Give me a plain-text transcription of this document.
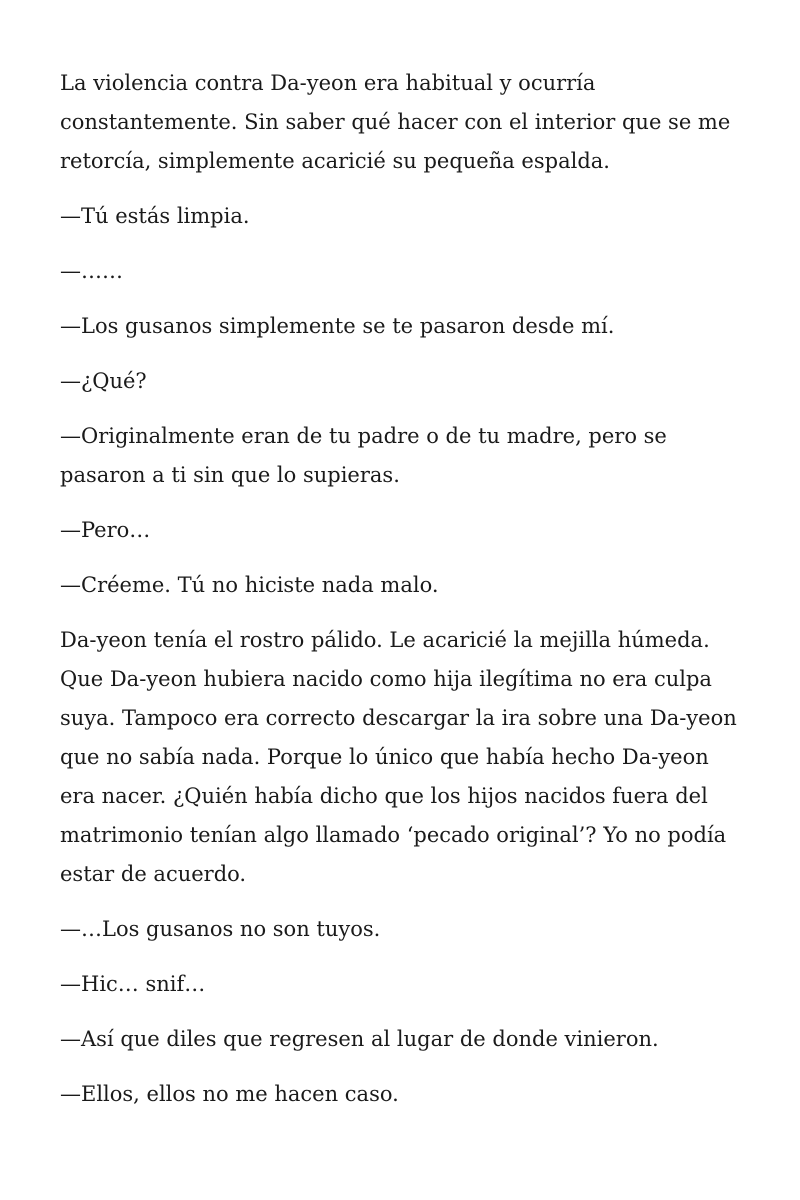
La violencia contra Da-yeon era habitual y ocurría constantemente. Sin saber qué hacer con el interior que se me retorcía, simplemente acaricié su pequeña espalda.

—Tú estás limpia.

—……

—Los gusanos simplemente se te pasaron desde mí.

—¿Qué?

—Originalmente eran de tu padre o de tu madre, pero se pasaron a ti sin que lo supieras.

—Pero…

—Créeme. Tú no hiciste nada malo.

Da-yeon tenía el rostro pálido. Le acaricié la mejilla húmeda. Que Da-yeon hubiera nacido como hija ilegítima no era culpa suya. Tampoco era correcto descargar la ira sobre una Da-yeon que no sabía nada. Porque lo único que había hecho Da-yeon era nacer. ¿Quién había dicho que los hijos nacidos fuera del matrimonio tenían algo llamado ‘pecado original’? Yo no podía estar de acuerdo.

—…Los gusanos no son tuyos.

—Hic… snif…

—Así que diles que regresen al lugar de donde vinieron.

—Ellos, ellos no me hacen caso.
